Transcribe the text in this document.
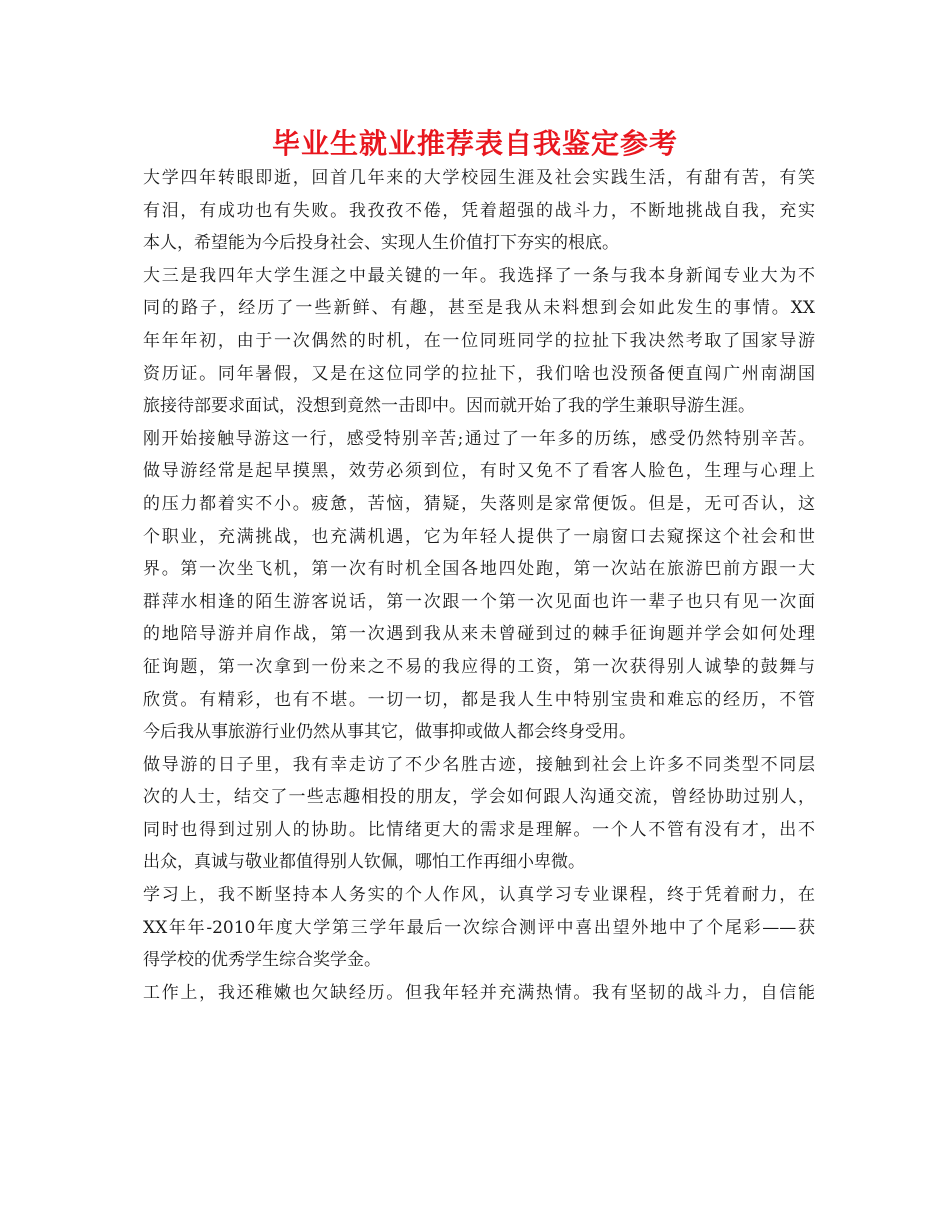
毕业生就业推荐表自我鉴定参考
大学四年转眼即逝，回首几年来的大学校园生涯及社会实践生活，有甜有苦，有笑
有泪，有成功也有失败。我孜孜不倦，凭着超强的战斗力，不断地挑战自我，充实
本人，希望能为今后投身社会、实现人生价值打下夯实的根底。
大三是我四年大学生涯之中最关键的一年。我选择了一条与我本身新闻专业大为不
同的路子，经历了一些新鲜、有趣，甚至是我从未料想到会如此发生的事情。XX
年年年初，由于一次偶然的时机，在一位同班同学的拉扯下我决然考取了国家导游
资历证。同年暑假，又是在这位同学的拉扯下，我们啥也没预备便直闯广州南湖国
旅接待部要求面试，没想到竟然一击即中。因而就开始了我的学生兼职导游生涯。
刚开始接触导游这一行，感受特别辛苦;通过了一年多的历练，感受仍然特别辛苦。
做导游经常是起早摸黑，效劳必须到位，有时又免不了看客人脸色，生理与心理上
的压力都着实不小。疲惫，苦恼，猜疑，失落则是家常便饭。但是，无可否认，这
个职业，充满挑战，也充满机遇，它为年轻人提供了一扇窗口去窥探这个社会和世
界。第一次坐飞机，第一次有时机全国各地四处跑，第一次站在旅游巴前方跟一大
群萍水相逢的陌生游客说话，第一次跟一个第一次见面也许一辈子也只有见一次面
的地陪导游并肩作战，第一次遇到我从来未曾碰到过的棘手征询题并学会如何处理
征询题，第一次拿到一份来之不易的我应得的工资，第一次获得别人诚挚的鼓舞与
欣赏。有精彩，也有不堪。一切一切，都是我人生中特别宝贵和难忘的经历，不管
今后我从事旅游行业仍然从事其它，做事抑或做人都会终身受用。
做导游的日子里，我有幸走访了不少名胜古迹，接触到社会上许多不同类型不同层
次的人士，结交了一些志趣相投的朋友，学会如何跟人沟通交流，曾经协助过别人，
同时也得到过别人的协助。比情绪更大的需求是理解。一个人不管有没有才，出不
出众，真诚与敬业都值得别人钦佩，哪怕工作再细小卑微。
学习上，我不断坚持本人务实的个人作风，认真学习专业课程，终于凭着耐力，在
XX年年-2010年度大学第三学年最后一次综合测评中喜出望外地中了个尾彩——获
得学校的优秀学生综合奖学金。
工作上，我还稚嫩也欠缺经历。但我年轻并充满热情。我有坚韧的战斗力，自信能
